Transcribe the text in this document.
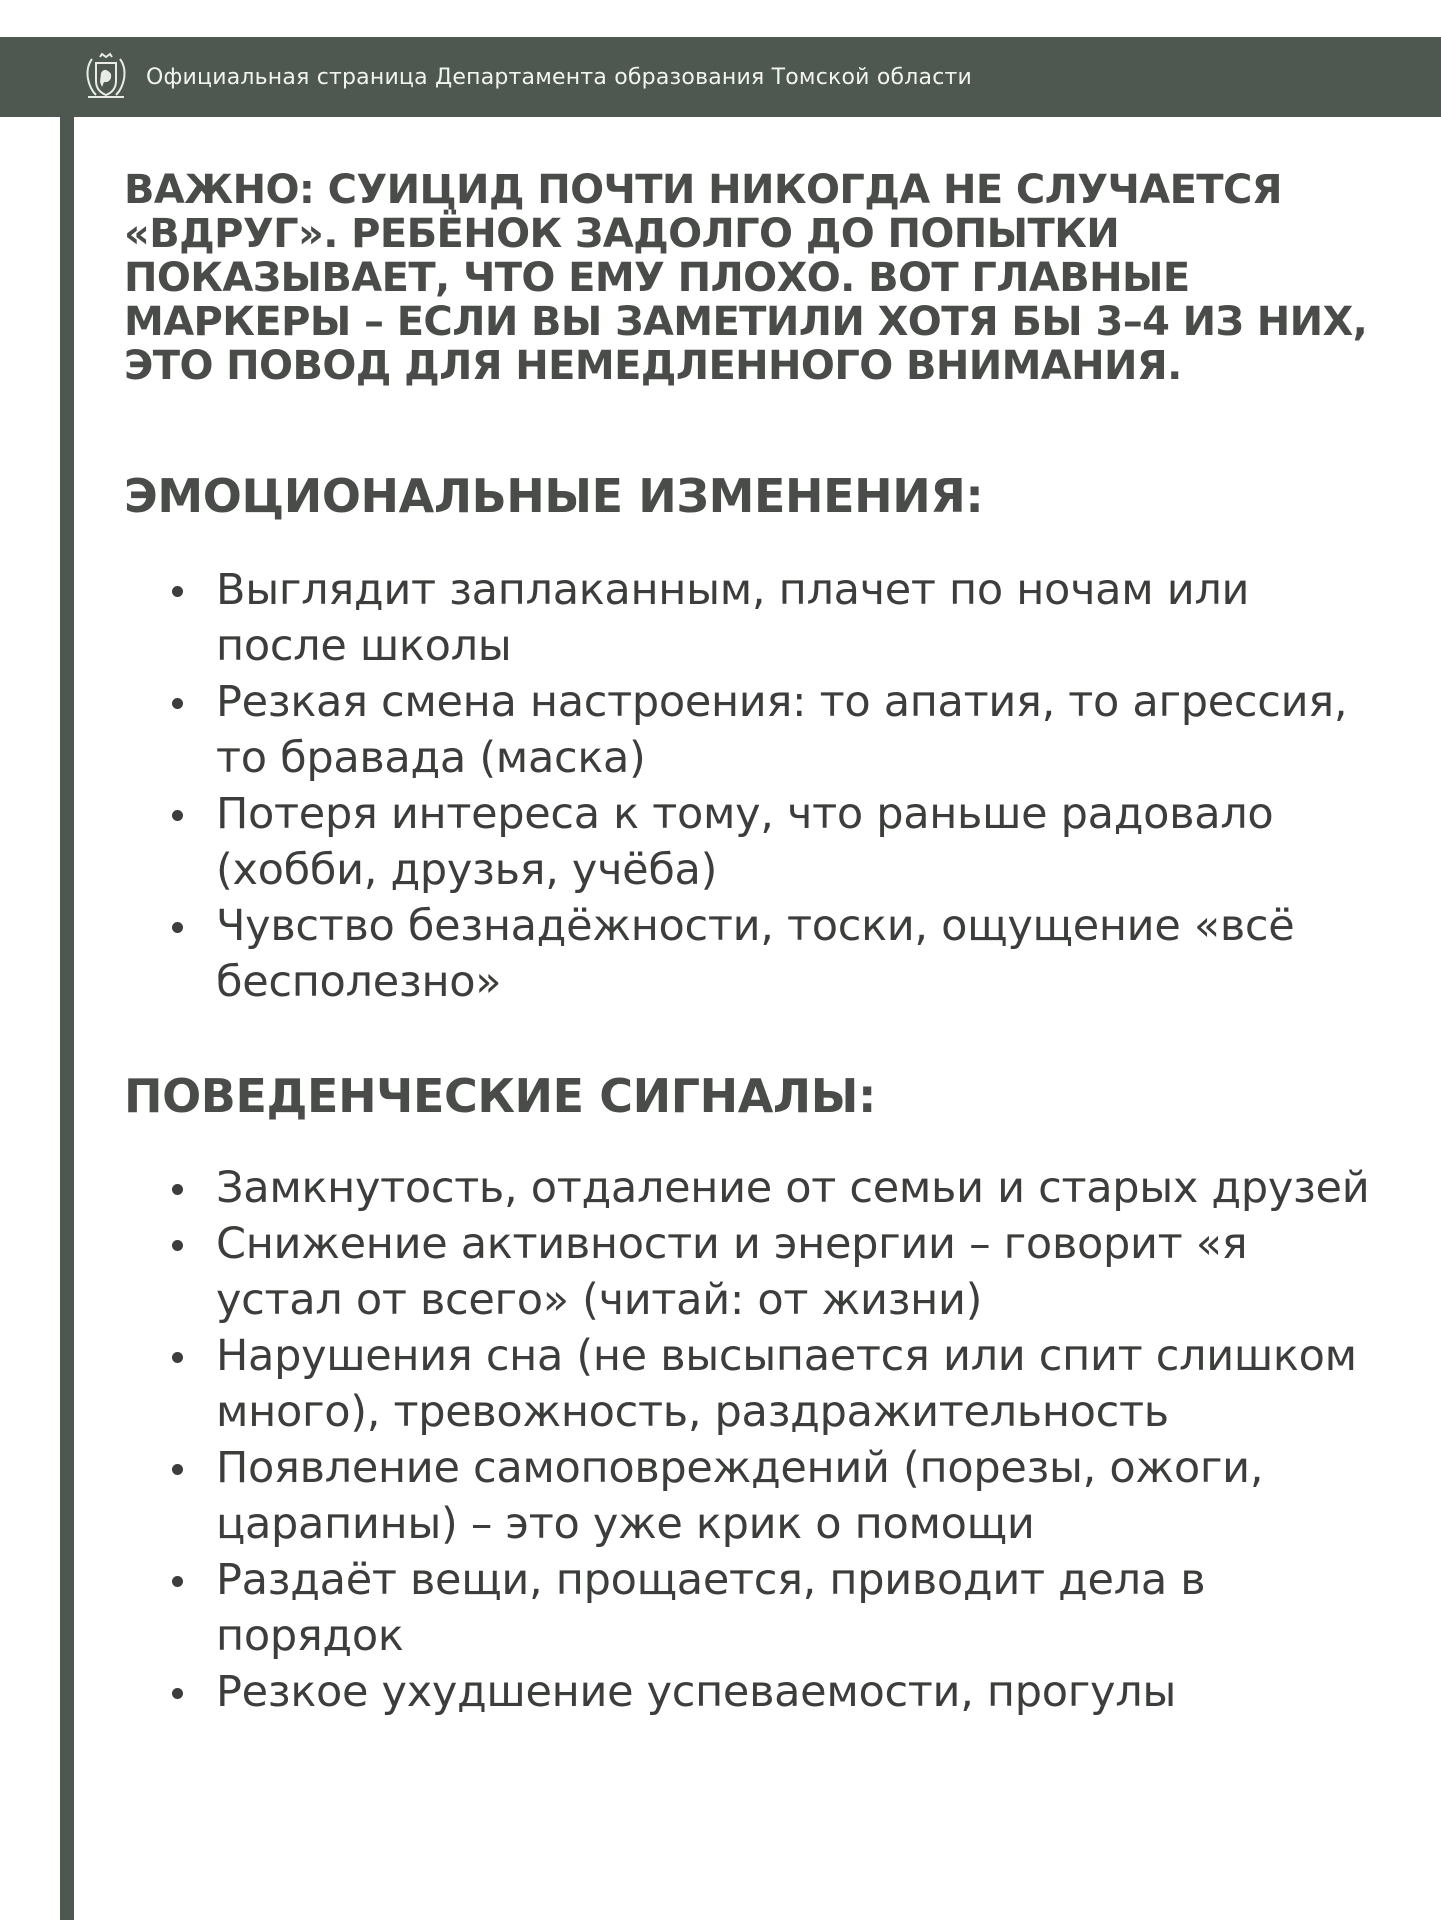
Официальная страница Департамента образования Томской области

ВАЖНО: СУИЦИД ПОЧТИ НИКОГДА НЕ СЛУЧАЕТСЯ «ВДРУГ». РЕБЁНОК ЗАДОЛГО ДО ПОПЫТКИ ПОКАЗЫВАЕТ, ЧТО ЕМУ ПЛОХО. ВОТ ГЛАВНЫЕ МАРКЕРЫ – ЕСЛИ ВЫ ЗАМЕТИЛИ ХОТЯ БЫ 3–4 ИЗ НИХ, ЭТО ПОВОД ДЛЯ НЕМЕДЛЕННОГО ВНИМАНИЯ.

ЭМОЦИОНАЛЬНЫЕ ИЗМЕНЕНИЯ:
Выглядит заплаканным, плачет по ночам или после школы
Резкая смена настроения: то апатия, то агрессия, то бравада (маска)
Потеря интереса к тому, что раньше радовало (хобби, друзья, учёба)
Чувство безнадёжности, тоски, ощущение «всё бесполезно»
ПОВЕДЕНЧЕСКИЕ СИГНАЛЫ:
Замкнутость, отдаление от семьи и старых друзей
Снижение активности и энергии – говорит «я устал от всего» (читай: от жизни)
Нарушения сна (не высыпается или спит слишком много), тревожность, раздражительность
Появление самоповреждений (порезы, ожоги, царапины) – это уже крик о помощи
Раздаёт вещи, прощается, приводит дела в порядок
Резкое ухудшение успеваемости, прогулы
